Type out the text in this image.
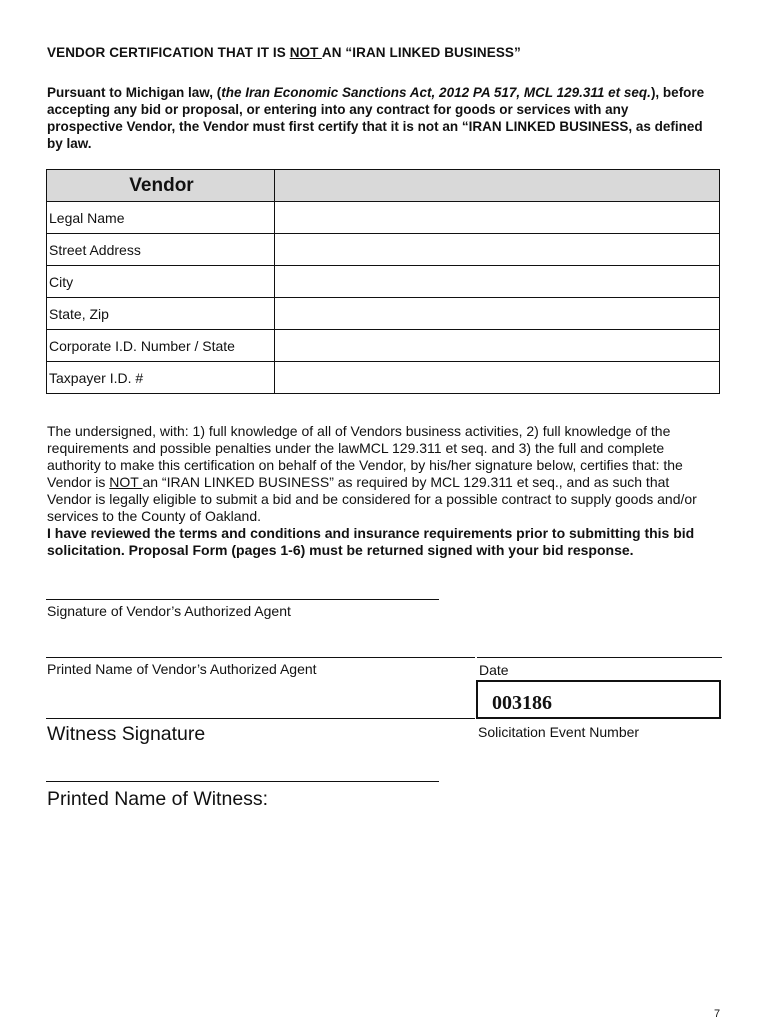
VENDOR CERTIFICATION THAT IT IS NOT AN “IRAN LINKED BUSINESS”
Pursuant to Michigan law, (the Iran Economic Sanctions Act, 2012 PA 517, MCL 129.311 et seq.), before accepting any bid or proposal, or entering into any contract for goods or services with any prospective Vendor, the Vendor must first certify that it is not an “IRAN LINKED BUSINESS, as defined by law.
Vendor	
Legal Name	
Street Address	
City	
State, Zip	
Corporate I.D. Number / State	
Taxpayer I.D. #	
The undersigned, with: 1) full knowledge of all of Vendors business activities, 2) full knowledge of the requirements and possible penalties under the lawMCL 129.311 et seq. and 3) the full and complete authority to make this certification on behalf of the Vendor, by his/her signature below, certifies that: the Vendor is NOT an “IRAN LINKED BUSINESS” as required by MCL 129.311 et seq., and as such that Vendor is legally eligible to submit a bid and be considered for a possible contract to supply goods and/or services to the County of Oakland.
I have reviewed the terms and conditions and insurance requirements prior to submitting this bid solicitation. Proposal Form (pages 1-6) must be returned signed with your bid response.
Signature of Vendor’s Authorized Agent
Printed Name of Vendor’s Authorized Agent	Date
003186
Witness Signature	Solicitation Event Number
Printed Name of Witness:
7
